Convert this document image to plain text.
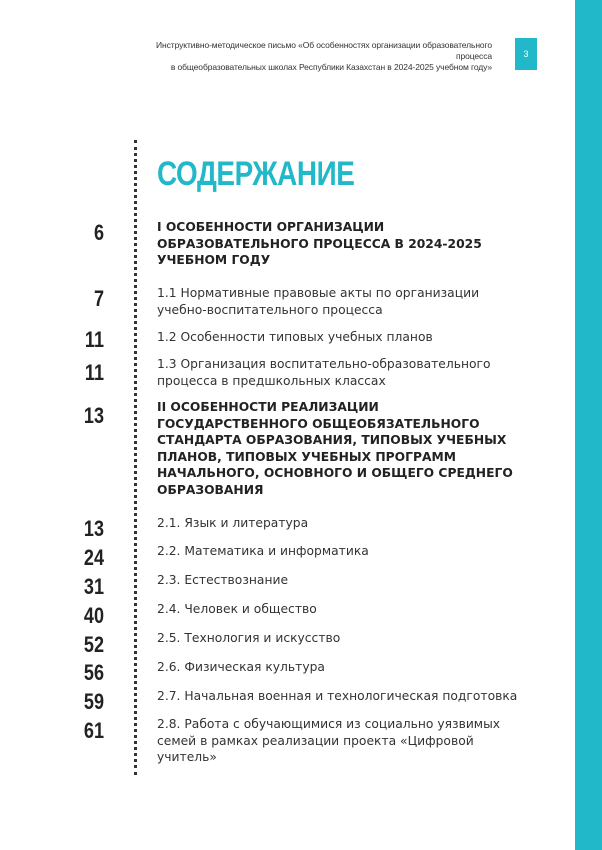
Инструктивно-методическое письмо «Об особенностях организации образовательного процесса
в общеобразовательных школах Республики Казахстан в 2024-2025 учебном году»
3
СОДЕРЖАНИЕ
6	I ОСОБЕННОСТИ ОРГАНИЗАЦИИ ОБРАЗОВАТЕЛЬНОГО ПРОЦЕССА В 2024-2025 УЧЕБНОМ ГОДУ
7	1.1 Нормативные правовые акты по организации учебно-воспитательного процесса
11	1.2 Особенности типовых учебных планов
11	1.3 Организация воспитательно-образовательного процесса в предшкольных классах
13	II ОСОБЕННОСТИ РЕАЛИЗАЦИИ ГОСУДАРСТВЕННОГО ОБЩЕОБЯЗАТЕЛЬНОГО СТАНДАРТА ОБРАЗОВАНИЯ, ТИПОВЫХ УЧЕБНЫХ ПЛАНОВ, ТИПОВЫХ УЧЕБНЫХ ПРОГРАММ НАЧАЛЬНОГО, ОСНОВНОГО И ОБЩЕГО СРЕДНЕГО ОБРАЗОВАНИЯ
13	2.1. Язык и литература
24	2.2. Математика и информатика
31	2.3. Естествознание
40	2.4. Человек и общество
52	2.5. Технология и искусство
56	2.6. Физическая культура
59	2.7. Начальная военная и технологическая подготовка
61	2.8. Работа с обучающимися из социально уязвимых семей в рамках реализации проекта «Цифровой учитель»
